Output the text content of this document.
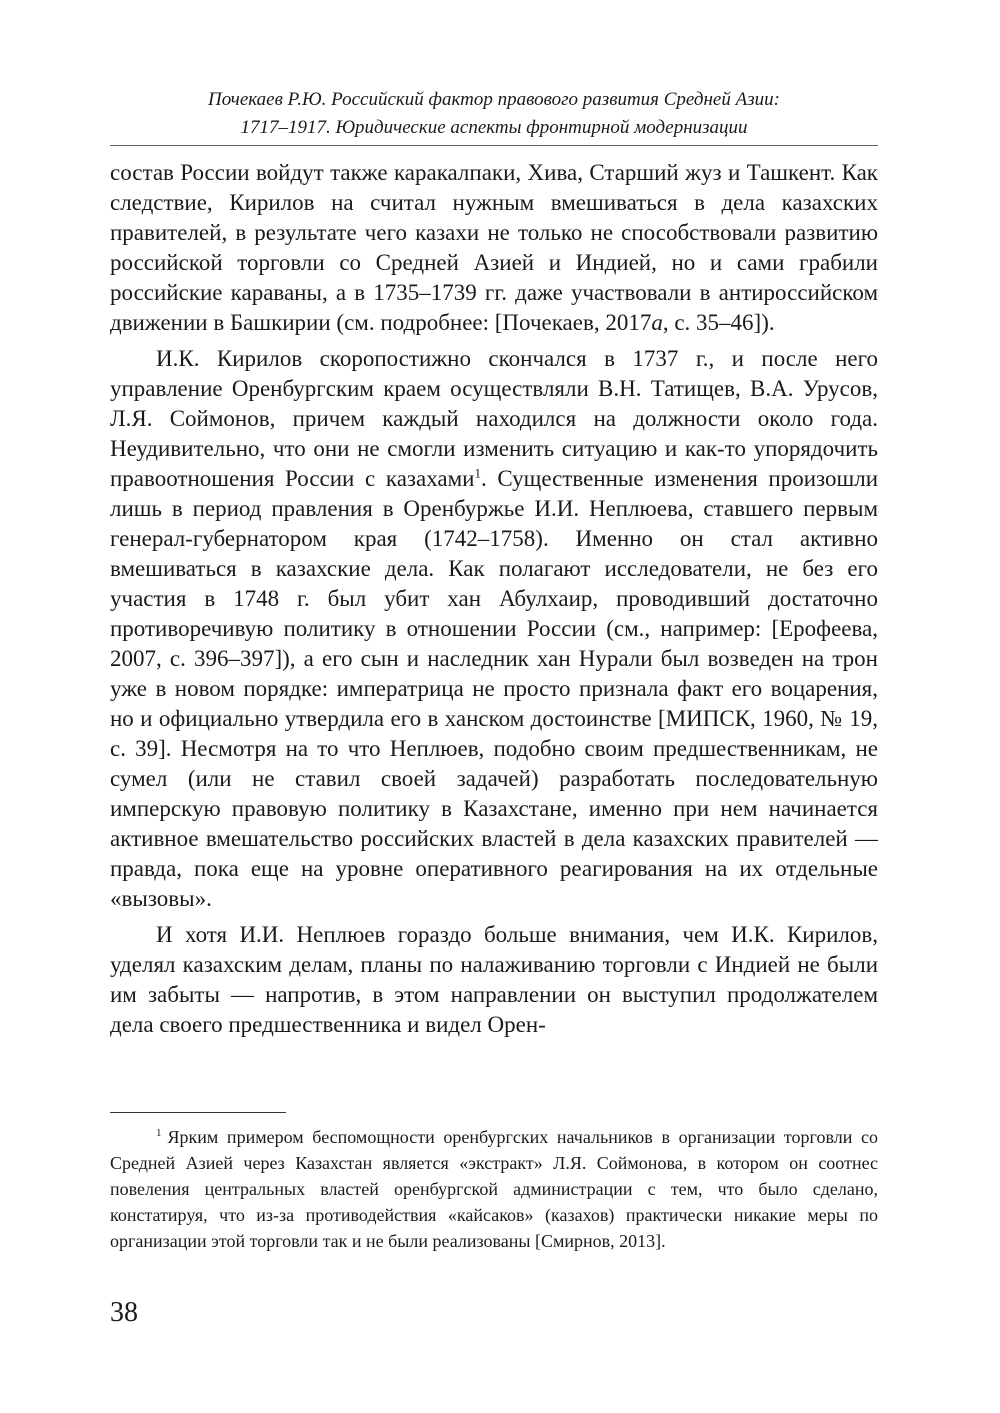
Почекаев Р.Ю. Российский фактор правового развития Средней Азии:
1717–1917. Юридические аспекты фронтирной модернизации

состав России войдут также каракалпаки, Хива, Старший жуз и Ташкент. Как следствие, Кирилов на считал нужным вмешиваться в дела казахских правителей, в результате чего казахи не только не способствовали развитию российской торговли со Средней Азией и Индией, но и сами грабили российские караваны, а в 1735–1739 гг. даже участвовали в антироссийском движении в Башкирии (см. подробнее: [Почекаев, 2017а, с. 35–46]).

И.К. Кирилов скоропостижно скончался в 1737 г., и после него управление Оренбургским краем осуществляли В.Н. Татищев, В.А. Урусов, Л.Я. Соймонов, причем каждый находился на должности около года. Неудивительно, что они не смогли изменить ситуацию и как-то упорядочить правоотношения России с казахами$^1$. Существенные изменения произошли лишь в период правления в Оренбуржье И.И. Неплюева, ставшего первым генерал-губернатором края (1742–1758). Именно он стал активно вмешиваться в казахские дела. Как полагают исследователи, не без его участия в 1748 г. был убит хан Абулхаир, проводивший достаточно противоречивую политику в отношении России (см., например: [Ерофеева, 2007, с. 396–397]), а его сын и наследник хан Нурали был возведен на трон уже в новом порядке: императрица не просто признала факт его воцарения, но и официально утвердила его в ханском достоинстве [МИПСК, 1960, № 19, с. 39]. Несмотря на то что Неплюев, подобно своим предшественникам, не сумел (или не ставил своей задачей) разработать последовательную имперскую правовую политику в Казахстане, именно при нем начинается активное вмешательство российских властей в дела казахских правителей — правда, пока еще на уровне оперативного реагирования на их отдельные «вызовы».

И хотя И.И. Неплюев гораздо больше внимания, чем И.К. Кирилов, уделял казахским делам, планы по налаживанию торговли с Индией не были им забыты — напротив, в этом направлении он выступил продолжателем дела своего предшественника и видел Орен-

$^1$ Ярким примером беспомощности оренбургских начальников в организации торговли со Средней Азией через Казахстан является «экстракт» Л.Я. Соймонова, в котором он соотнес повеления центральных властей оренбургской администрации с тем, что было сделано, констатируя, что из-за противодействия «кайсаков» (казахов) практически никакие меры по организации этой торговли так и не были реализованы [Смирнов, 2013].

38
